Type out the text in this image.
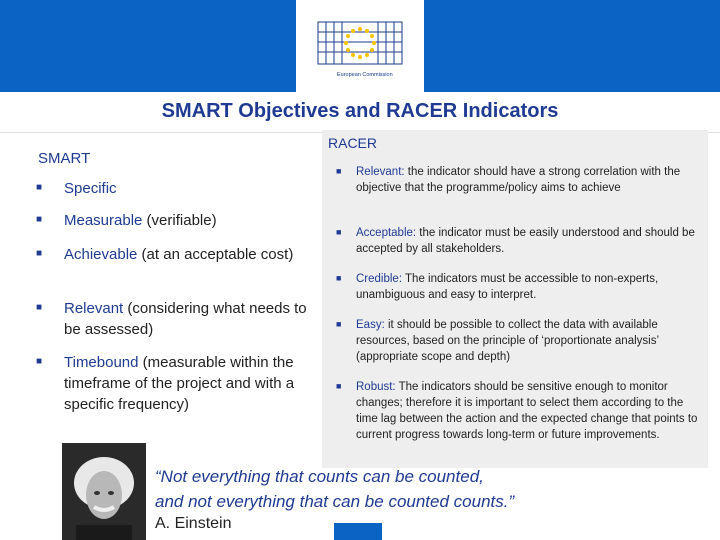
European Commission
SMART Objectives and RACER Indicators
SMART
■ Specific
■ Measurable (verifiable)
■ Achievable (at an acceptable cost)
■ Relevant (considering what needs to be assessed)
■ Timebound (measurable within the timeframe of the project and with a specific frequency)
RACER
■ Relevant: the indicator should have a strong correlation with the objective that the programme/policy aims to achieve
■ Acceptable: the indicator must be easily understood and should be accepted by all stakeholders.
■ Credible: The indicators must be accessible to non-experts, unambiguous and easy to interpret.
■ Easy: it should be possible to collect the data with available resources, based on the principle of ‘proportionate analysis’ (appropriate scope and depth)
■ Robust: The indicators should be sensitive enough to monitor changes; therefore it is important to select them according to the time lag between the action and the expected change that points to current progress towards long-term or future improvements.
“Not everything that counts can be counted,
and not everything that can be counted counts.”
A. Einstein
